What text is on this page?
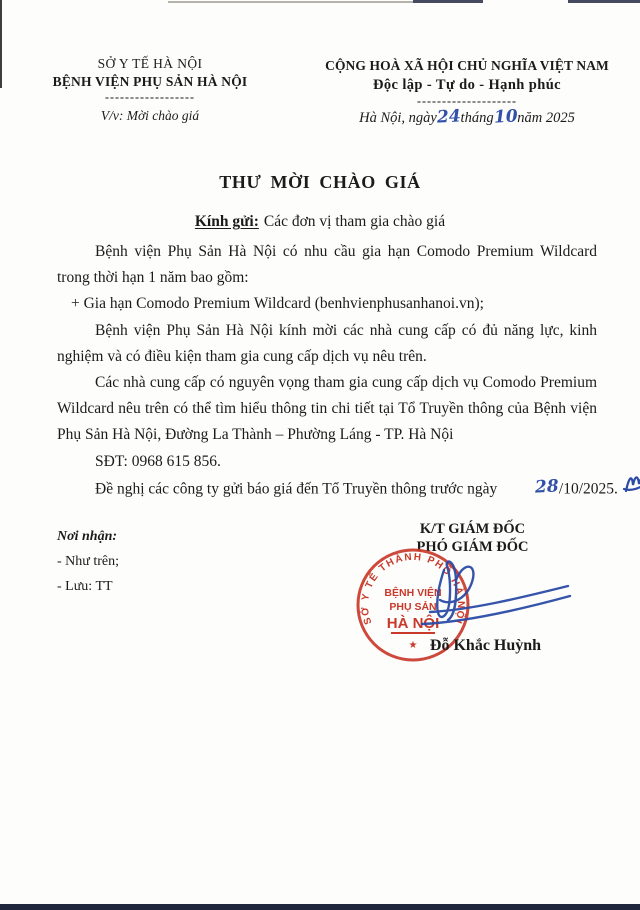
SỞ Y TẾ HÀ NỘI
BỆNH VIỆN PHỤ SẢN HÀ NỘI
------------------
V/v: Mời chào giá
CỘNG HOÀ XÃ HỘI CHỦ NGHĨA VIỆT NAM
Độc lập - Tự do - Hạnh phúc
--------------------
Hà Nội, ngày24tháng10năm 2025
THƯ MỜI CHÀO GIÁ
Kính gửi: Các đơn vị tham gia chào giá

Bệnh viện Phụ Sản Hà Nội có nhu cầu gia hạn Comodo Premium Wildcard trong thời hạn 1 năm bao gồm:

+ Gia hạn Comodo Premium Wildcard (benhvienphusanhanoi.vn);

Bệnh viện Phụ Sản Hà Nội kính mời các nhà cung cấp có đủ năng lực, kinh nghiệm và có điều kiện tham gia cung cấp dịch vụ nêu trên.

Các nhà cung cấp có nguyên vọng tham gia cung cấp dịch vụ Comodo Premium Wildcard nêu trên có thể tìm hiểu thông tin chi tiết tại Tổ Truyền thông của Bệnh viện Phụ Sản Hà Nội, Đường La Thành – Phường Láng - TP. Hà Nội

SĐT: 0968 615 856.

Đề nghị các công ty gửi báo giá đến Tổ Truyền thông trước ngày 28/10/2025.

Nơi nhận:
- Như trên;
- Lưu: TT
K/T GIÁM ĐỐC
PHÓ GIÁM ĐỐC
SỞ Y TẾ THÀNH PHỐ HÀ NỘI
BỆNH VIỆN
PHỤ SẢN
HÀ NỘI
★ Đỗ Khắc Huỳnh
